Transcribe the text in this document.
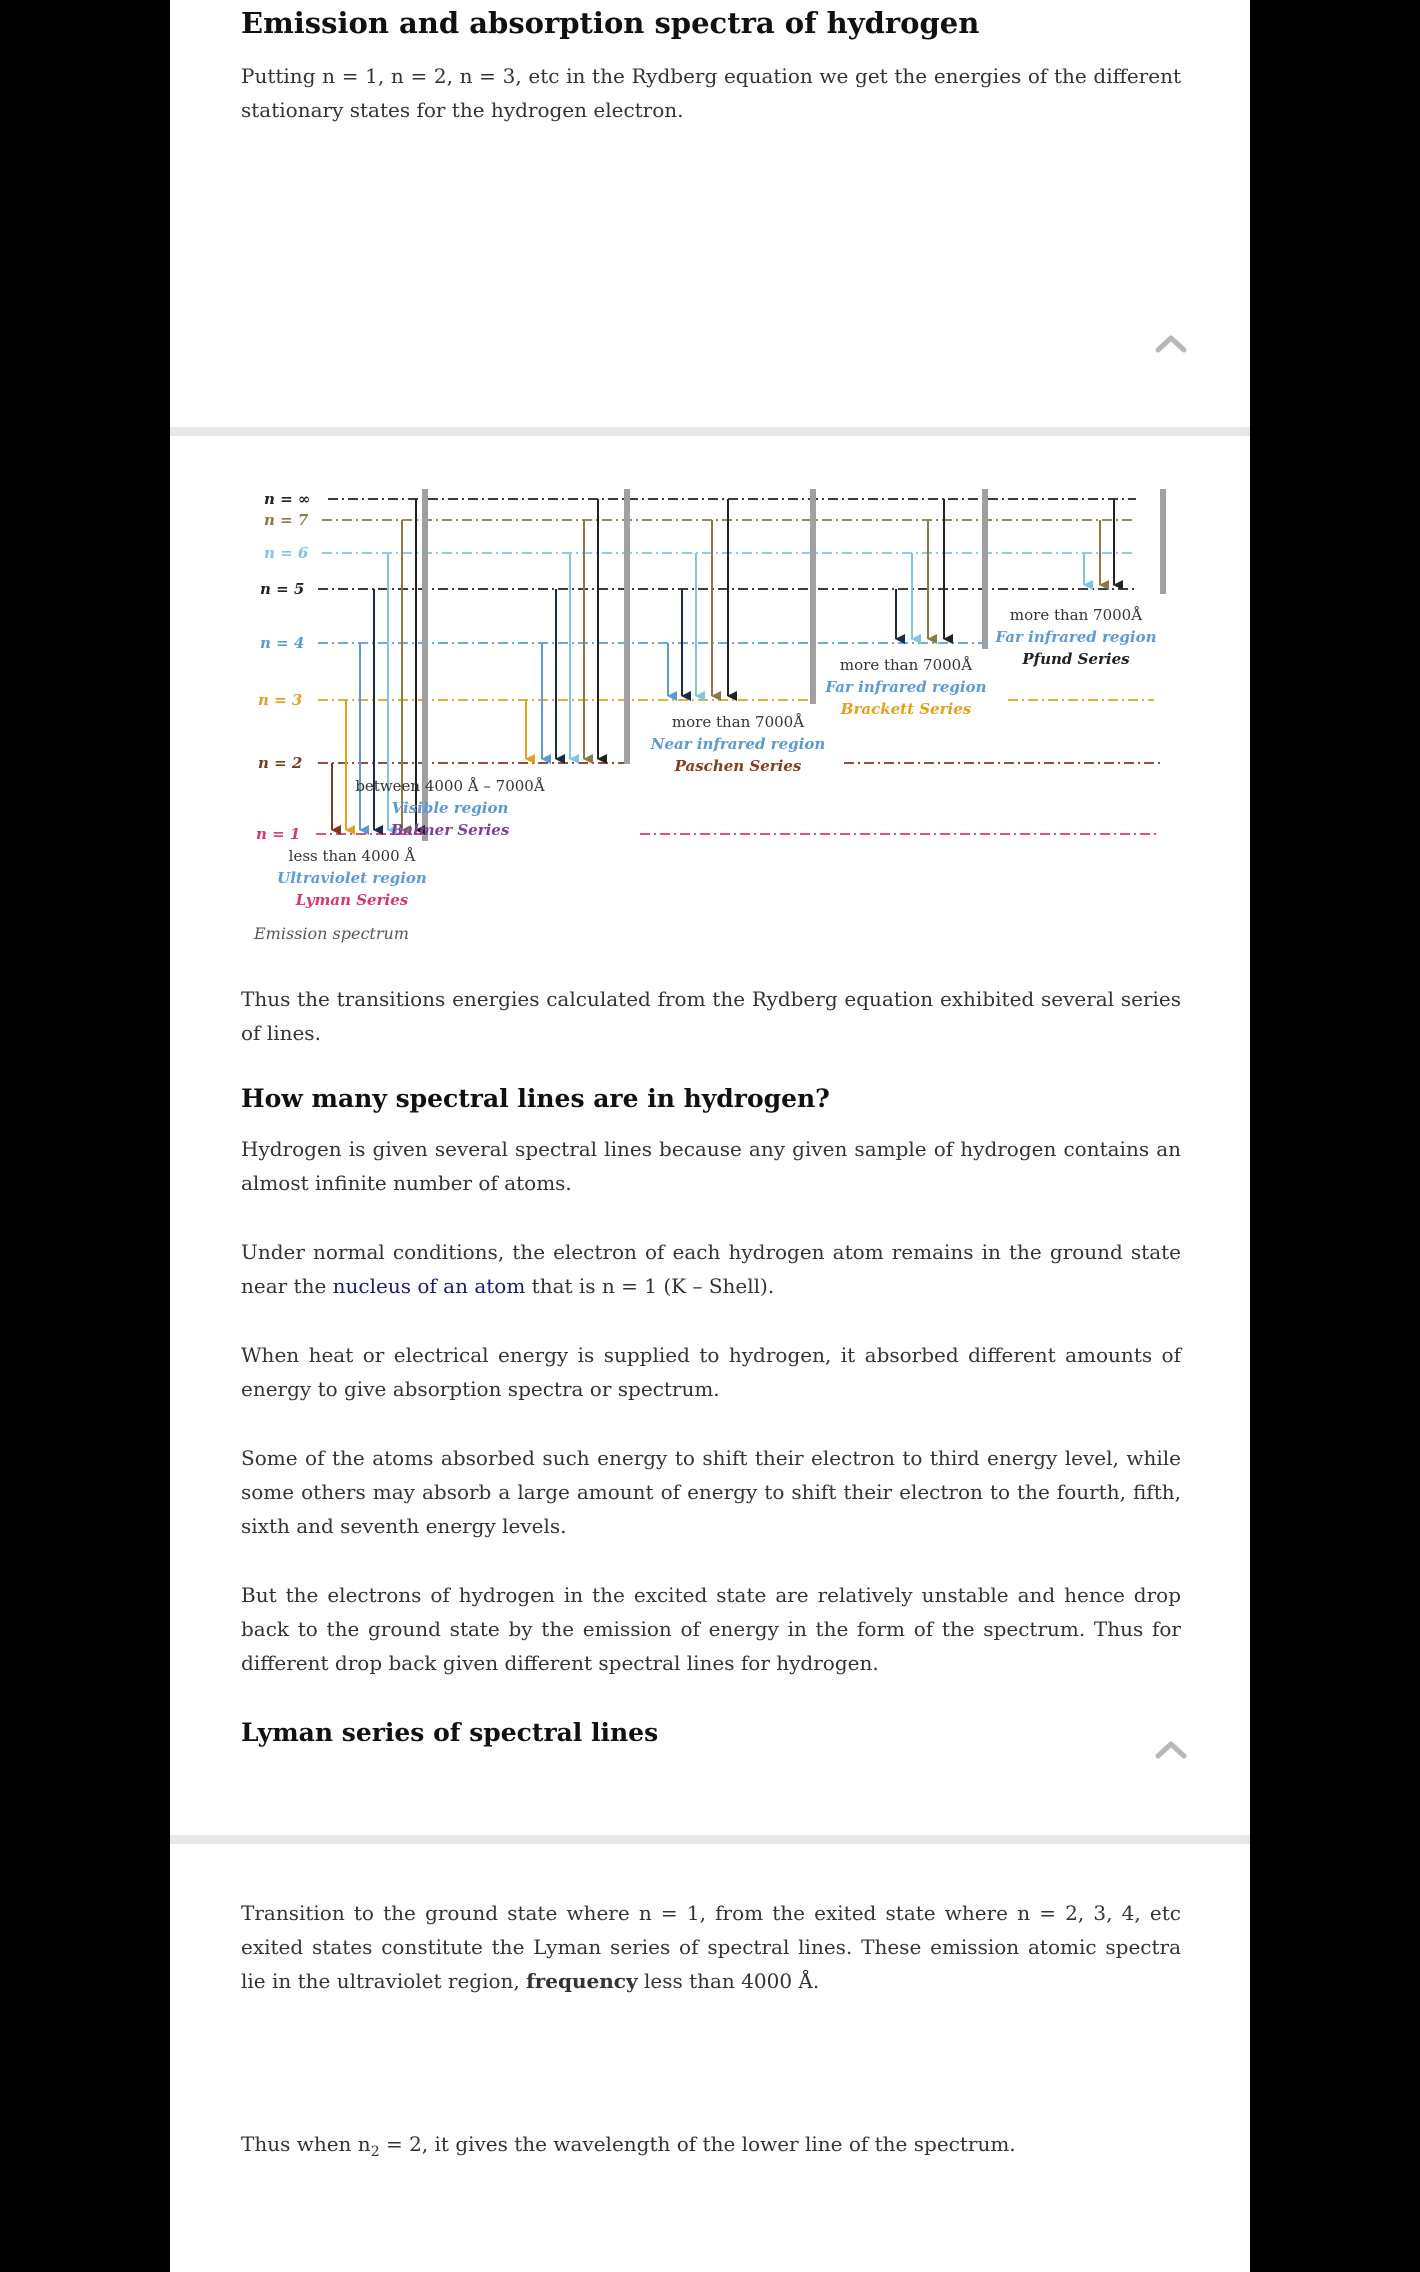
Emission and absorption spectra of hydrogen

Putting n = 1, n = 2, n = 3, etc in the Rydberg equation we get the energies of the different stationary states for the hydrogen electron.

n = ∞
n = 7
n = 6
n = 5
n = 4
n = 3
n = 2
n = 1
less than 4000 Å
Ultraviolet region
Lyman Series
between 4000 Å – 7000Å
Visible region
Balmer Series
more than 7000Å
Near infrared region
Paschen Series
more than 7000Å
Far infrared region
Brackett Series
more than 7000Å
Far infrared region
Pfund Series
Emission spectrum

Thus the transitions energies calculated from the Rydberg equation exhibited several series of lines.

How many spectral lines are in hydrogen?

Hydrogen is given several spectral lines because any given sample of hydrogen contains an almost infinite number of atoms.

Under normal conditions, the electron of each hydrogen atom remains in the ground state near the nucleus of an atom that is n = 1 (K – Shell).

When heat or electrical energy is supplied to hydrogen, it absorbed different amounts of energy to give absorption spectra or spectrum.

Some of the atoms absorbed such energy to shift their electron to third energy level, while some others may absorb a large amount of energy to shift their electron to the fourth, fifth, sixth and seventh energy levels.

But the electrons of hydrogen in the excited state are relatively unstable and hence drop back to the ground state by the emission of energy in the form of the spectrum. Thus for different drop back given different spectral lines for hydrogen.

Lyman series of spectral lines

Transition to the ground state where n = 1, from the exited state where n = 2, 3, 4, etc exited states constitute the Lyman series of spectral lines. These emission atomic spectra lie in the ultraviolet region, frequency less than 4000 Å.

Thus when $n_2 = 2$, it gives the wavelength of the lower line of the spectrum.
